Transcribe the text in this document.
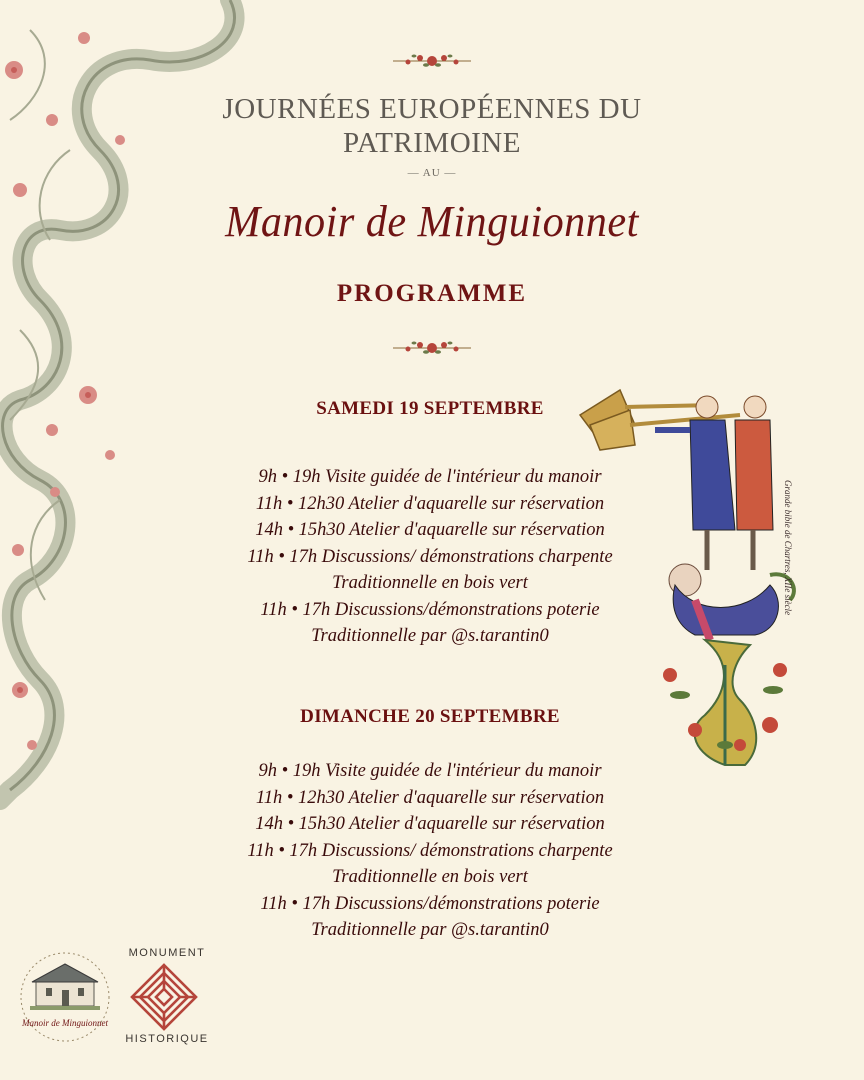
JOURNÉES EUROPÉENNES DU
PATRIMOINE
— AU —
Manoir de Minguionnet
PROGRAMME
SAMEDI 19 SEPTEMBRE
9h • 19h Visite guidée de l'intérieur du manoir
11h • 12h30 Atelier d'aquarelle sur réservation
14h • 15h30 Atelier d'aquarelle sur réservation
11h • 17h Discussions/ démonstrations charpente
Traditionnelle en bois vert
11h • 17h Discussions/démonstrations poterie
Traditionnelle par @s.tarantin0
DIMANCHE 20 SEPTEMBRE
9h • 19h Visite guidée de l'intérieur du manoir
11h • 12h30 Atelier d'aquarelle sur réservation
14h • 15h30 Atelier d'aquarelle sur réservation
11h • 17h Discussions/ démonstrations charpente
Traditionnelle en bois vert
11h • 17h Discussions/démonstrations poterie
Traditionnelle par @s.tarantin0
Grande bible de Chartres, XIIe siècle
Manoir de Minguionnet
MONUMENT
HISTORIQUE
